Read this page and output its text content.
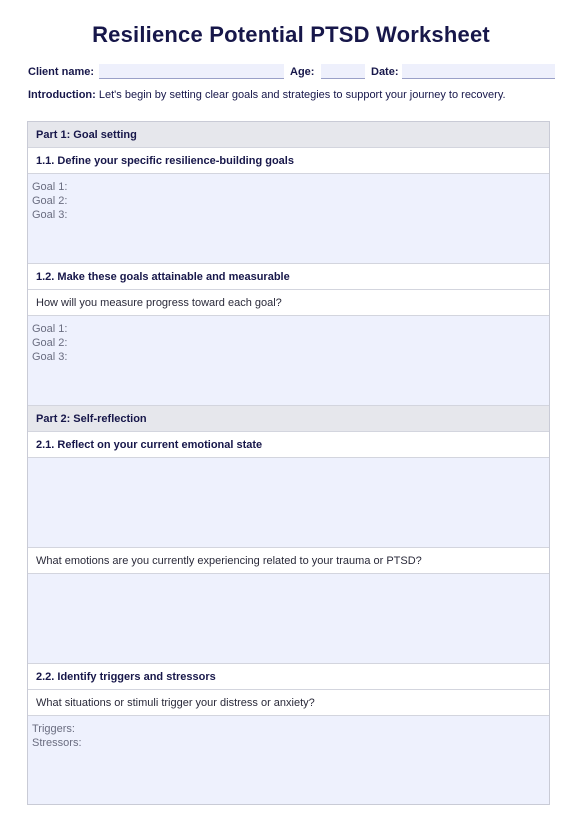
Resilience Potential PTSD Worksheet
Client name:	Age:	Date:
Introduction: Let's begin by setting clear goals and strategies to support your journey to recovery.
Part 1: Goal setting
1.1. Define your specific resilience-building goals
Goal 1:
Goal 2:
Goal 3:
1.2. Make these goals attainable and measurable
How will you measure progress toward each goal?
Goal 1:
Goal 2:
Goal 3:
Part 2: Self-reflection
2.1. Reflect on your current emotional state
What emotions are you currently experiencing related to your trauma or PTSD?
2.2. Identify triggers and stressors
What situations or stimuli trigger your distress or anxiety?
Triggers:
Stressors:
